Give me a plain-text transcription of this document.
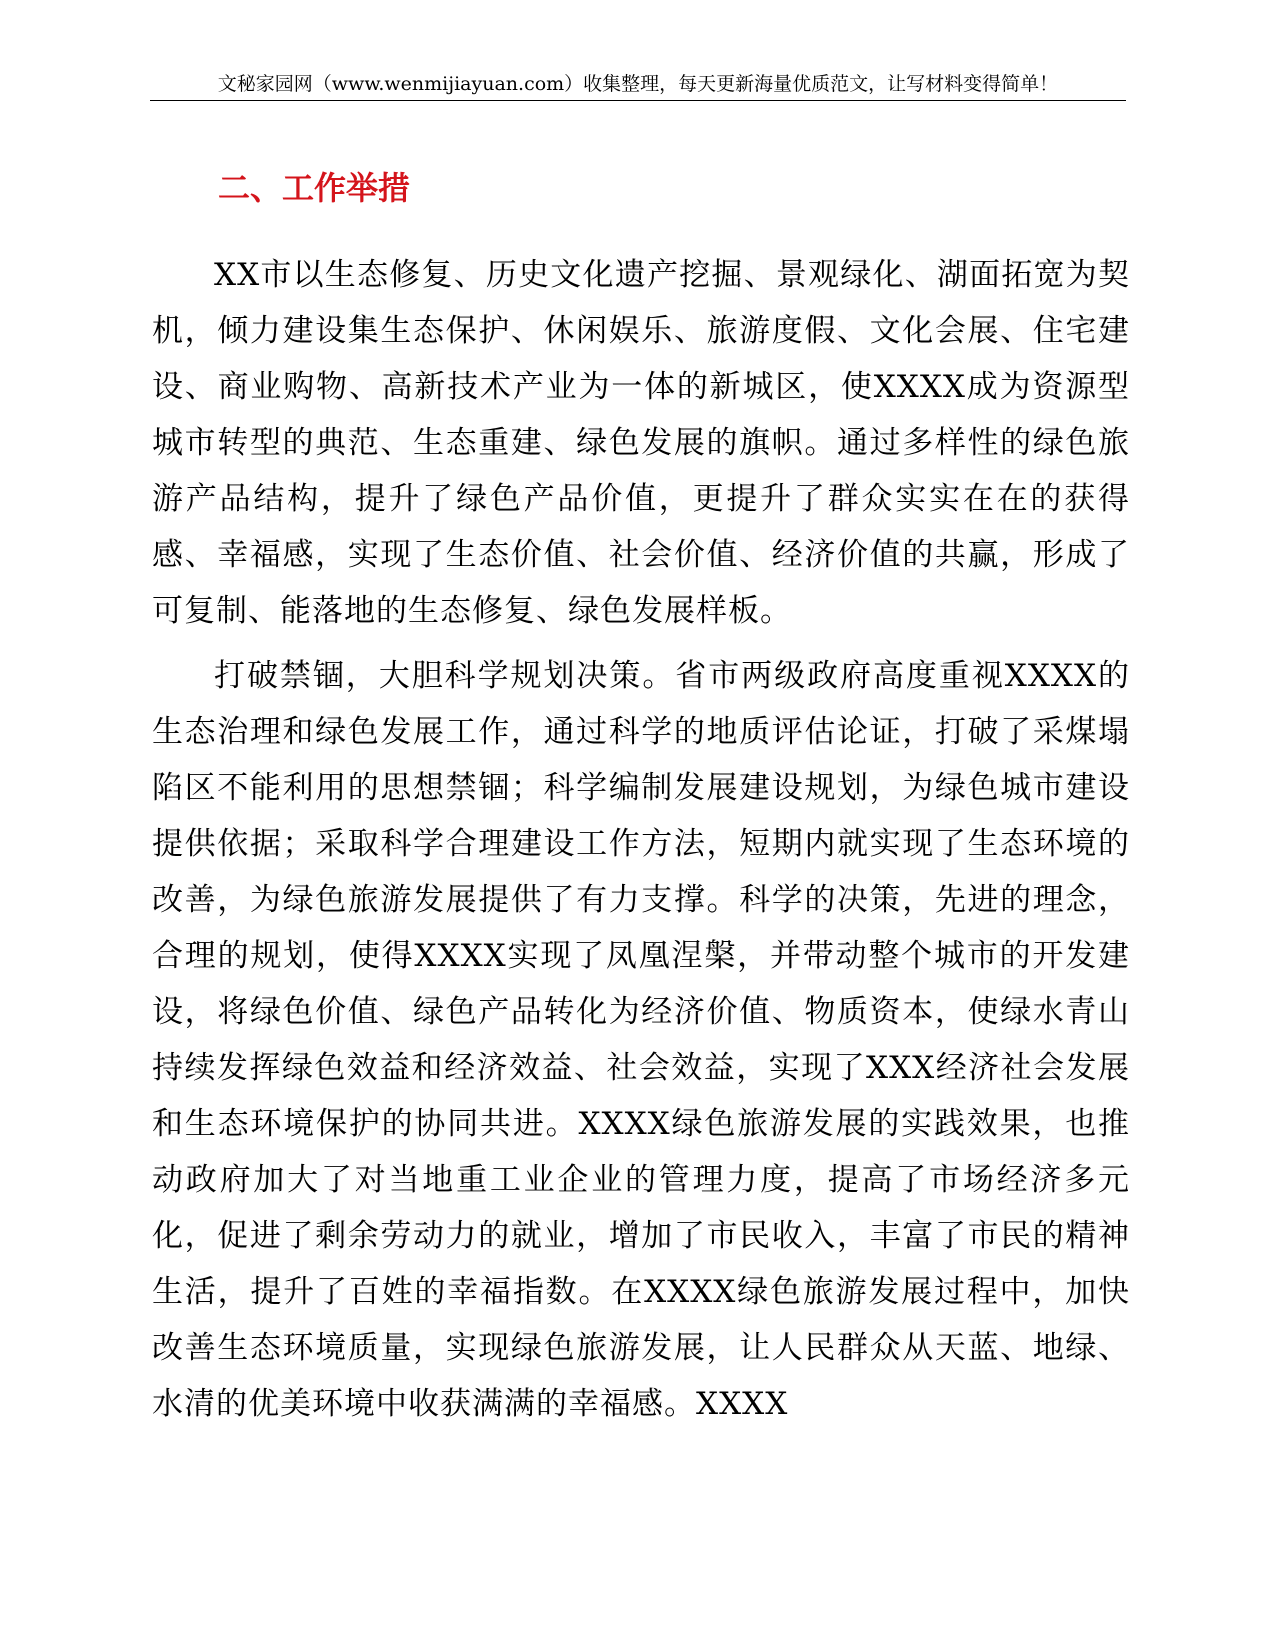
文秘家园网（www.wenmijiayuan.com）收集整理，每天更新海量优质范文，让写材料变得简单！
二、工作举措

XX市以生态修复、历史文化遗产挖掘、景观绿化、湖面拓宽为契机，倾力建设集生态保护、休闲娱乐、旅游度假、文化会展、住宅建设、商业购物、高新技术产业为一体的新城区，使XXXX成为资源型城市转型的典范、生态重建、绿色发展的旗帜。通过多样性的绿色旅游产品结构，提升了绿色产品价值，更提升了群众实实在在的获得感、幸福感，实现了生态价值、社会价值、经济价值的共赢，形成了可复制、能落地的生态修复、绿色发展样板。

打破禁锢，大胆科学规划决策。省市两级政府高度重视XXXX的生态治理和绿色发展工作，通过科学的地质评估论证，打破了采煤塌陷区不能利用的思想禁锢；科学编制发展建设规划，为绿色城市建设提供依据；采取科学合理建设工作方法，短期内就实现了生态环境的改善，为绿色旅游发展提供了有力支撑。科学的决策，先进的理念，合理的规划，使得XXXX实现了凤凰涅槃，并带动整个城市的开发建设，将绿色价值、绿色产品转化为经济价值、物质资本，使绿水青山持续发挥绿色效益和经济效益、社会效益，实现了XXX经济社会发展和生态环境保护的协同共进。XXXX绿色旅游发展的实践效果，也推动政府加大了对当地重工业企业的管理力度，提高了市场经济多元化，促进了剩余劳动力的就业，增加了市民收入，丰富了市民的精神生活，提升了百姓的幸福指数。在XXXX绿色旅游发展过程中，加快改善生态环境质量，实现绿色旅游发展，让人民群众从天蓝、地绿、水清的优美环境中收获满满的幸福感。XXXX
